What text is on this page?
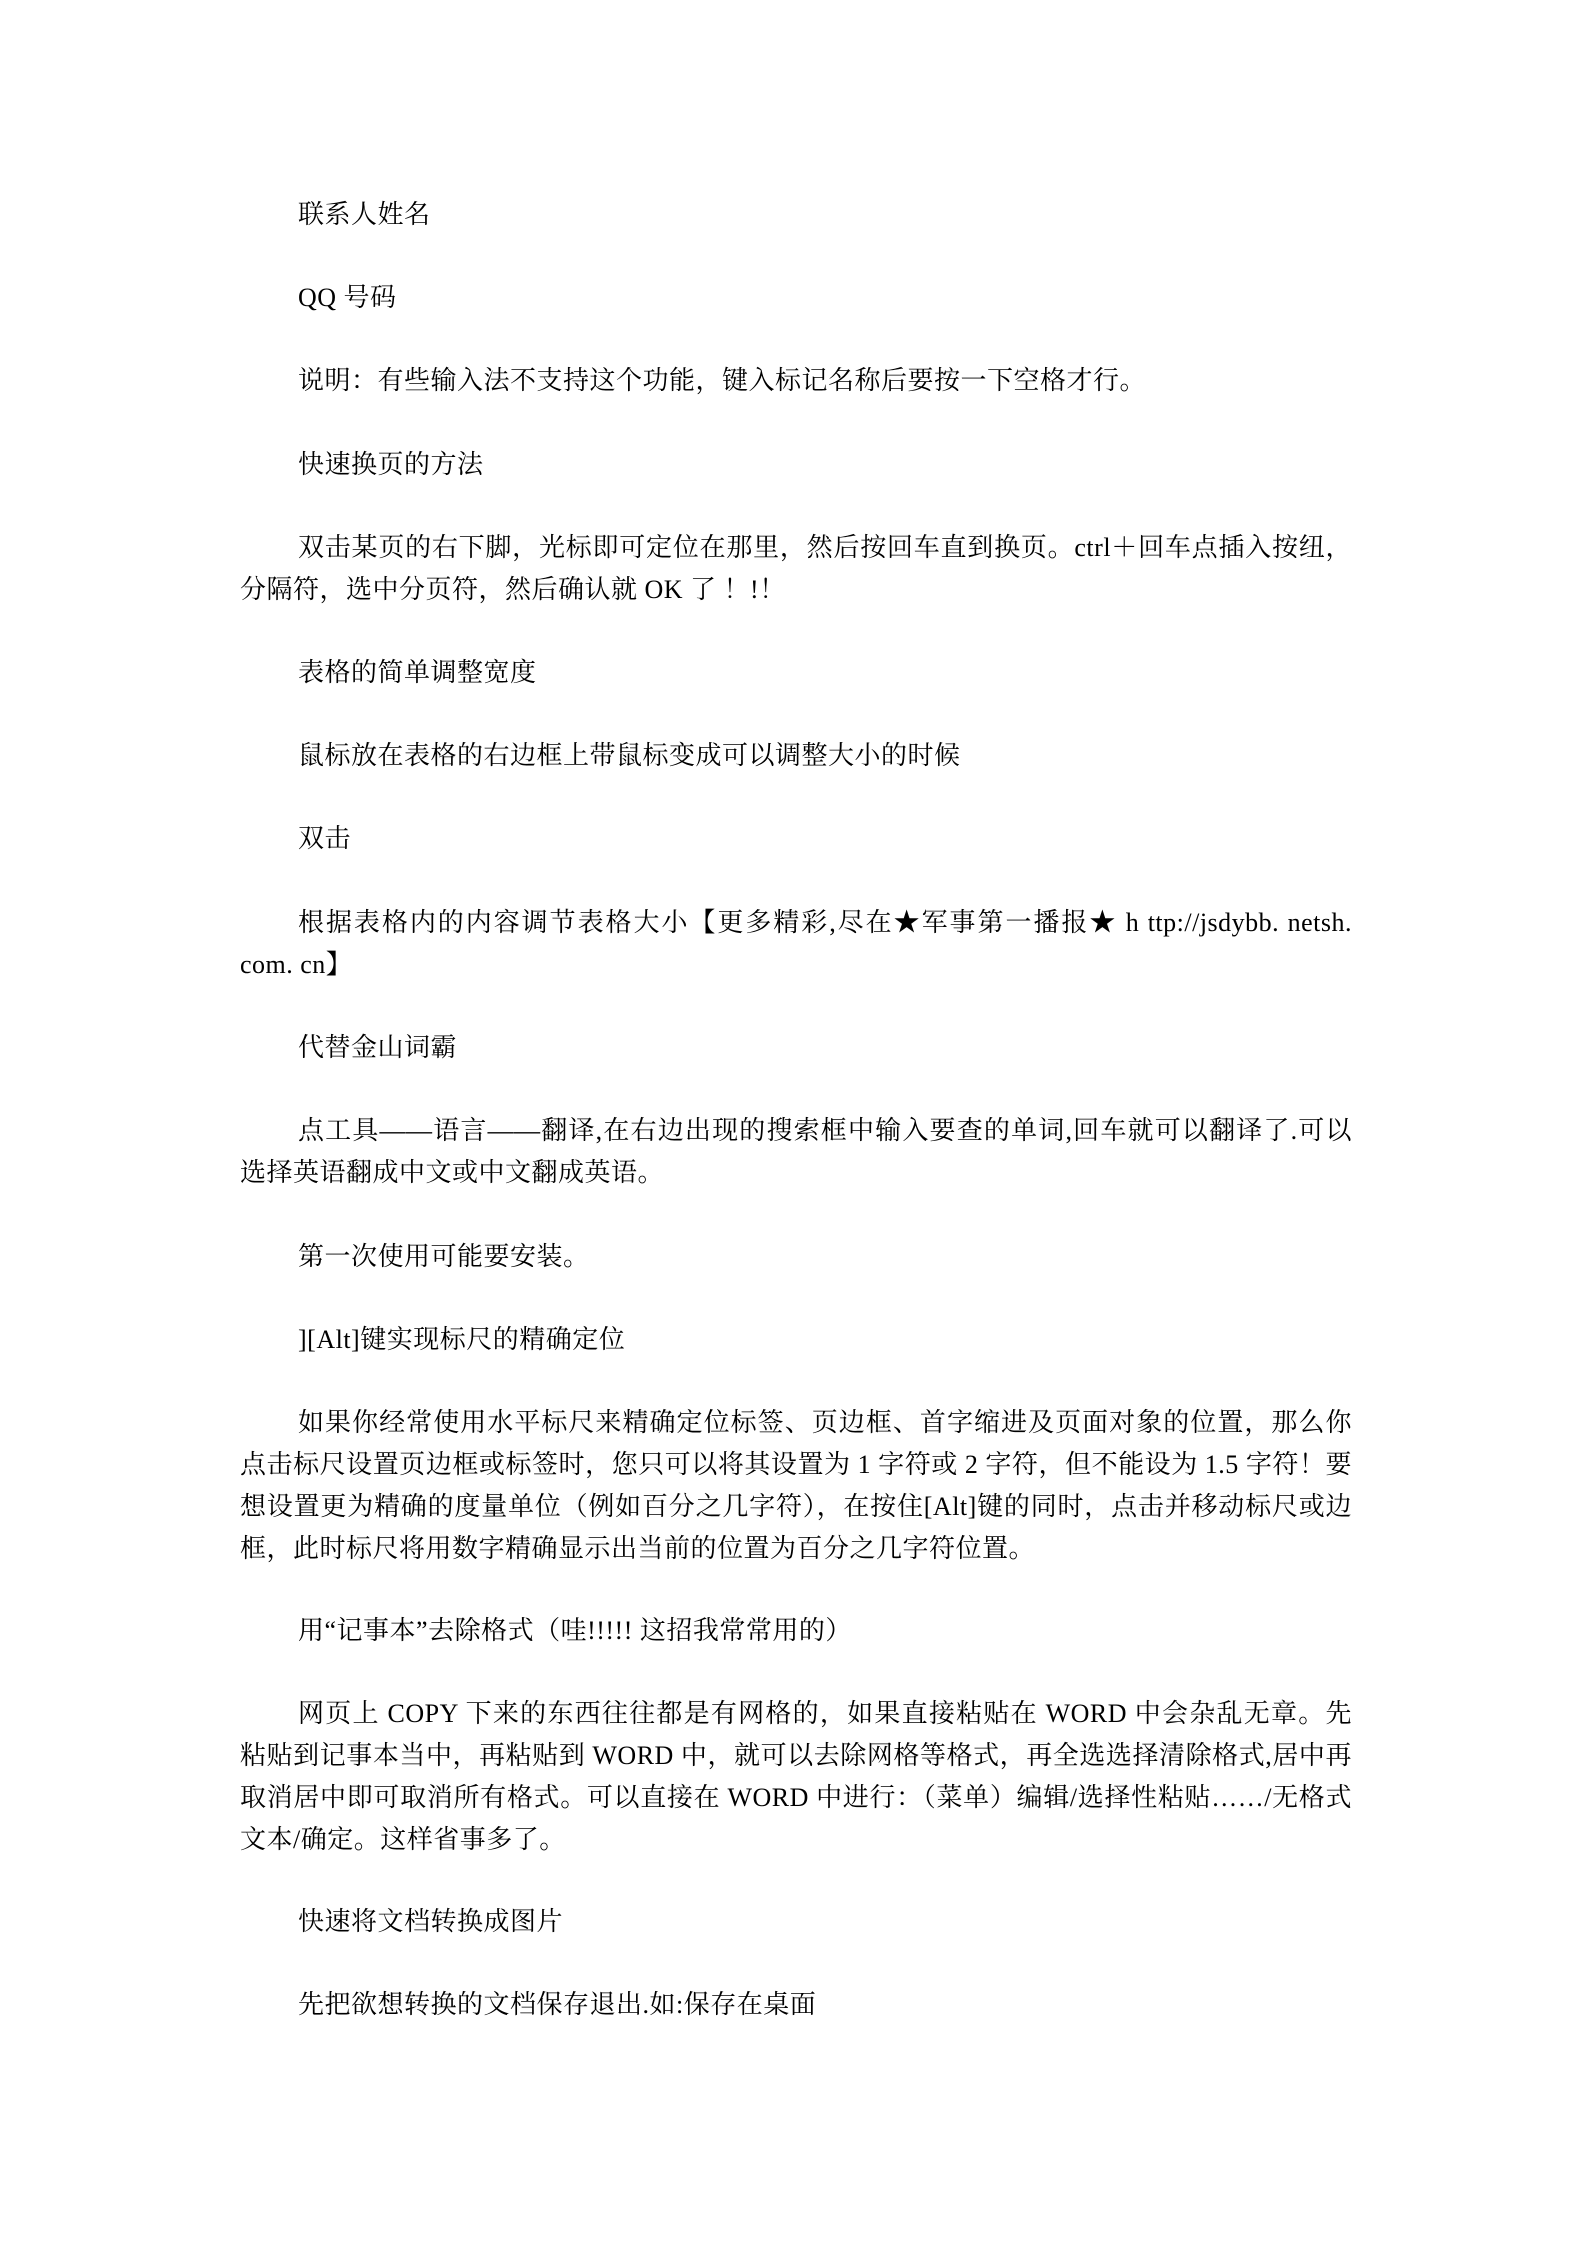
联系人姓名

QQ 号码

说明：有些输入法不支持这个功能，键入标记名称后要按一下空格才行。

快速换页的方法

双击某页的右下脚，光标即可定位在那里，然后按回车直到换页。ctrl＋回车点插入按纽，分隔符，选中分页符，然后确认就 OK 了 ！!！

表格的简单调整宽度

鼠标放在表格的右边框上带鼠标变成可以调整大小的时候

双击

根据表格内的内容调节表格大小【更多精彩,尽在★军事第一播报★ h ttp://jsdybb. netsh. com. cn】

代替金山词霸

点工具——语言——翻译,在右边出现的搜索框中输入要查的单词,回车就可以翻译了.可以选择英语翻成中文或中文翻成英语。

第一次使用可能要安装。

][Alt]键实现标尺的精确定位

如果你经常使用水平标尺来精确定位标签、页边框、首字缩进及页面对象的位置，那么你点击标尺设置页边框或标签时，您只可以将其设置为 1 字符或 2 字符，但不能设为 1.5 字符！要想设置更为精确的度量单位（例如百分之几字符），在按住[Alt]键的同时，点击并移动标尺或边框，此时标尺将用数字精确显示出当前的位置为百分之几字符位置。

用“记事本”去除格式（哇!!!!! 这招我常常用的）

网页上 COPY 下来的东西往往都是有网格的，如果直接粘贴在 WORD 中会杂乱无章。先粘贴到记事本当中，再粘贴到 WORD 中，就可以去除网格等格式，再全选选择清除格式,居中再取消居中即可取消所有格式。可以直接在 WORD 中进行：（菜单）编辑/选择性粘贴……/无格式文本/确定。这样省事多了。

快速将文档转换成图片

先把欲想转换的文档保存退出.如:保存在桌面
